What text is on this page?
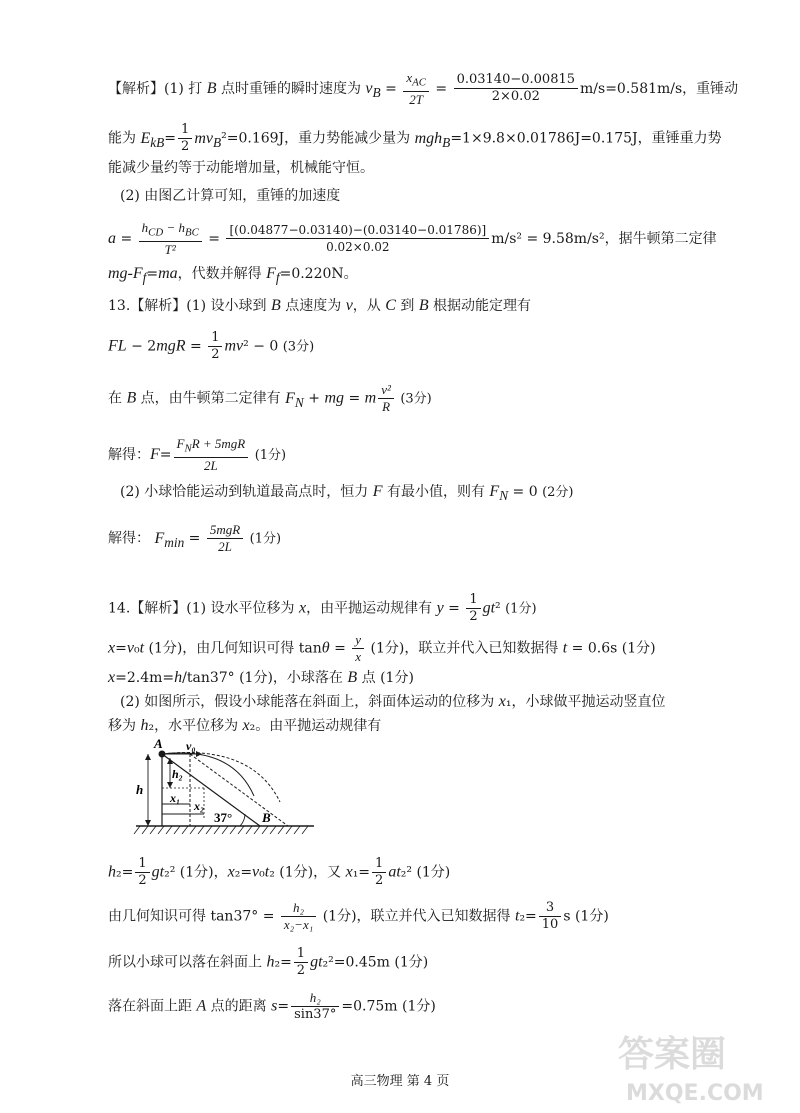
【解析】(1) 打 B 点时重锤的瞬时速度为 $v_B = \frac{x_{AC}}{2T} = \frac{0.03140-0.00815}{2\times 0.02} m/s=0.581m/s$，重锤动
能为 $E_{kB}= \frac{1}{2} mv_B^2=0.169J$，重力势能减少量为 mgh$_B$=1×9.8×0.01786J=0.175J，重锤重力势
能减少量约等于动能增加量，机械能守恒。
(2) 由图乙计算可知，重锤的加速度
$a = \frac{h_{CD} - h_{BC}}{\text{T²}} = \frac{[(0.04877-0.03140)-(0.03140-0.01786)]}{0.02\times 0.02} m/s^2 = 9.58m/s^2$，据牛顿第二定律
$mg-F_f=ma$，代数并解得 $F_f=0.220N$。
13.【解析】(1) 设小球到 B 点速度为 v，从 C 到 B 根据动能定理有
FL − $2mgR = \frac{1}{2} mv^2 - 0$ (3分)
在 B 点，由牛顿第二定律有 $F_N$ + mg = m $\frac{\text{v²}}{R} (3$分)
解得：$F= \frac{F_NR + 5mgR}{2L} (1$分)
(2) 小球恰能运动到轨道最高点时，恒力 F 有最小值，则有 $F_N = 0$ (2分)
解得： $F_{min} = \frac{\text{5mgR}}{2L} (1$分)
14.【解析】(1) 设水平位移为 x，由平抛运动规律有 $y = \frac{1}{2} gt^2$ (1分)
x=v₀t (1分)，由几何知识可得 $\tan\theta = \frac{y}{x} (1$分)，联立并代入已知数据得 t = 0.6s (1分)
x=2.4m=h/tan37° (1分)，小球落在 B 点 (1分)
(2) 如图所示，假设小球能落在斜面上，斜面体运动的位移为 x₁，小球做平抛运动竖直位
移为 h₂，水平位移为 x₂。由平抛运动规律有
A v₀
h
h₂
x₁
x₂
37° B
$h_2= \frac{1}{2} gt_2^2$ (1分)，x₂=v₀t₂ (1分)，又 $x_1= \frac{1}{2} at_2^2$ (1分)
由几何知识可得 $\tan 37^\circ = \frac{\text{h₂}}{\text{x₂−x₁}} (1$分)，联立并代入已知数据得 $t_2= \frac{3}{10}$ s (1分)
所以小球可以落在斜面上 $h_2= \frac{1}{2} gt_2^2=0.45m$ (1分)
落在斜面上距 A 点的距离 $s= \frac{\text{h₂}}{\sin 37^\circ} =0.75m$ (1分)
高三物理 第 4 页
答案圈
MXQE.COM
